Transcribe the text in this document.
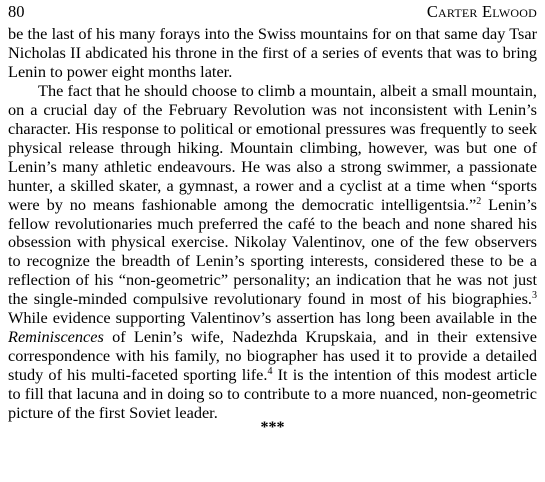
80	Carter Elwood

be the last of his many forays into the Swiss mountains for on that same day Tsar Nicholas II abdicated his throne in the first of a series of events that was to bring Lenin to power eight months later.

The fact that he should choose to climb a mountain, albeit a small mountain, on a crucial day of the February Revolution was not inconsistent with Lenin’s character. His response to political or emotional pressures was frequently to seek physical release through hiking. Mountain climbing, however, was but one of Lenin’s many athletic endeavours. He was also a strong swimmer, a passionate hunter, a skilled skater, a gymnast, a rower and a cyclist at a time when “sports were by no means fashionable among the democratic intelligentsia.”$^2$ Lenin’s fellow revolutionaries much preferred the café to the beach and none shared his obsession with physical exercise. Nikolay Valentinov, one of the few observers to recognize the breadth of Lenin’s sporting interests, considered these to be a reflection of his “non-geometric” personality; an indication that he was not just the single-minded compulsive revolutionary found in most of his biographies.$^3$ While evidence supporting Valentinov’s assertion has long been available in the Reminiscences of Lenin’s wife, Nadezhda Krupskaia, and in their extensive correspondence with his family, no biographer has used it to provide a detailed study of his multi-faceted sporting life.$^4$ It is the intention of this modest article to fill that lacuna and in doing so to contribute to a more nuanced, non-geometric picture of the first Soviet leader.

***
